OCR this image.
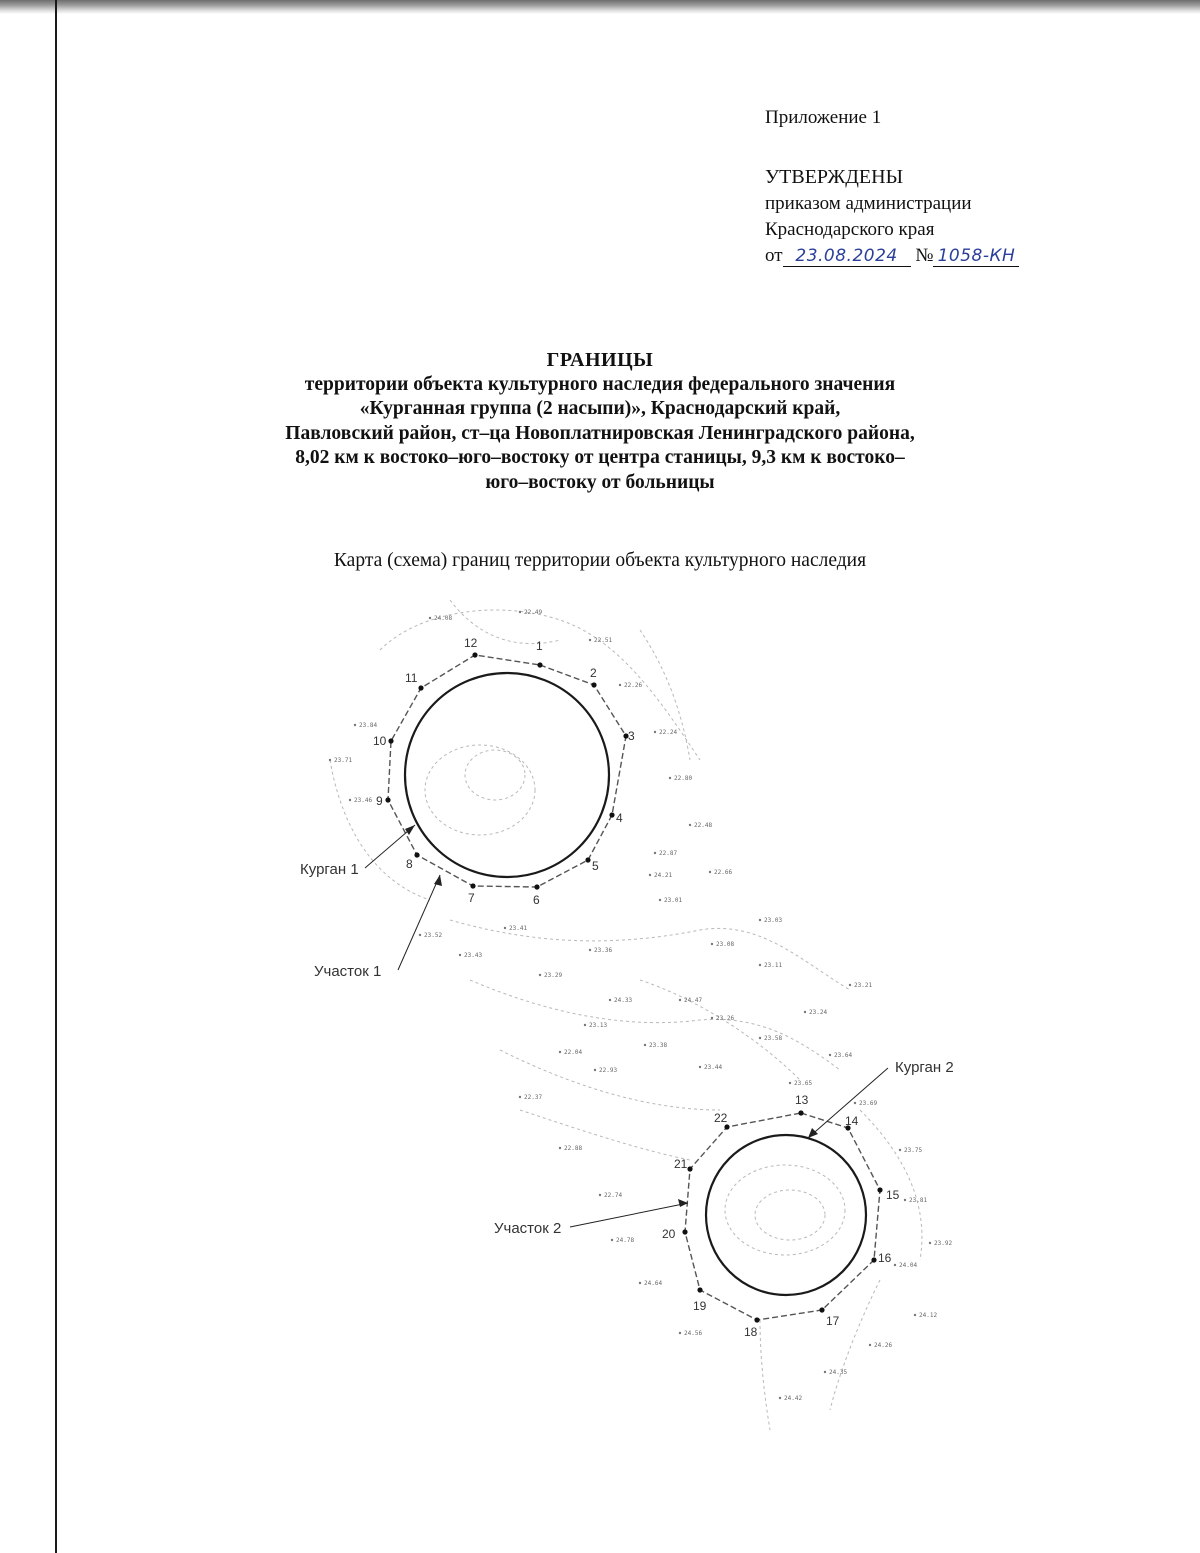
Приложение 1
УТВЕРЖДЕНЫ
приказом администрации
Краснодарского края
от 23.08.2024 № 1058-КН
ГРАНИЦЫ
территории объекта культурного наследия федерального значения
«Курганная группа (2 насыпи)», Краснодарский край,
Павловский район, ст–ца Новоплатнировская Ленинградского района,
8,02 км к востоко–юго–востоку от центра станицы, 9,3 км к востоко–
юго–востоку от больницы
Карта (схема) границ территории объекта культурного наследия
1
2
3
4
5
6
7
8
9
10
11
12
13
14
15
16
17
18
19
20
21
22
Курган 1
Участок 1
Курган 2
Участок 2
22.49
22.51
22.26
22.24
22.80
22.48
22.87
22.66
23.01
23.03
23.08
23.11
23.21
23.24
23.26
23.38
23.44
23.58
23.64
23.65
23.69
23.75
23.81
23.92
24.04
24.12
24.26
24.35
24.42
24.56
24.64
24.78
22.74
22.88
22.37
22.04
22.93
23.13
23.29
23.36
23.41
23.43
23.52
23.46
23.71
23.84
24.08
24.21
24.33	24.47
